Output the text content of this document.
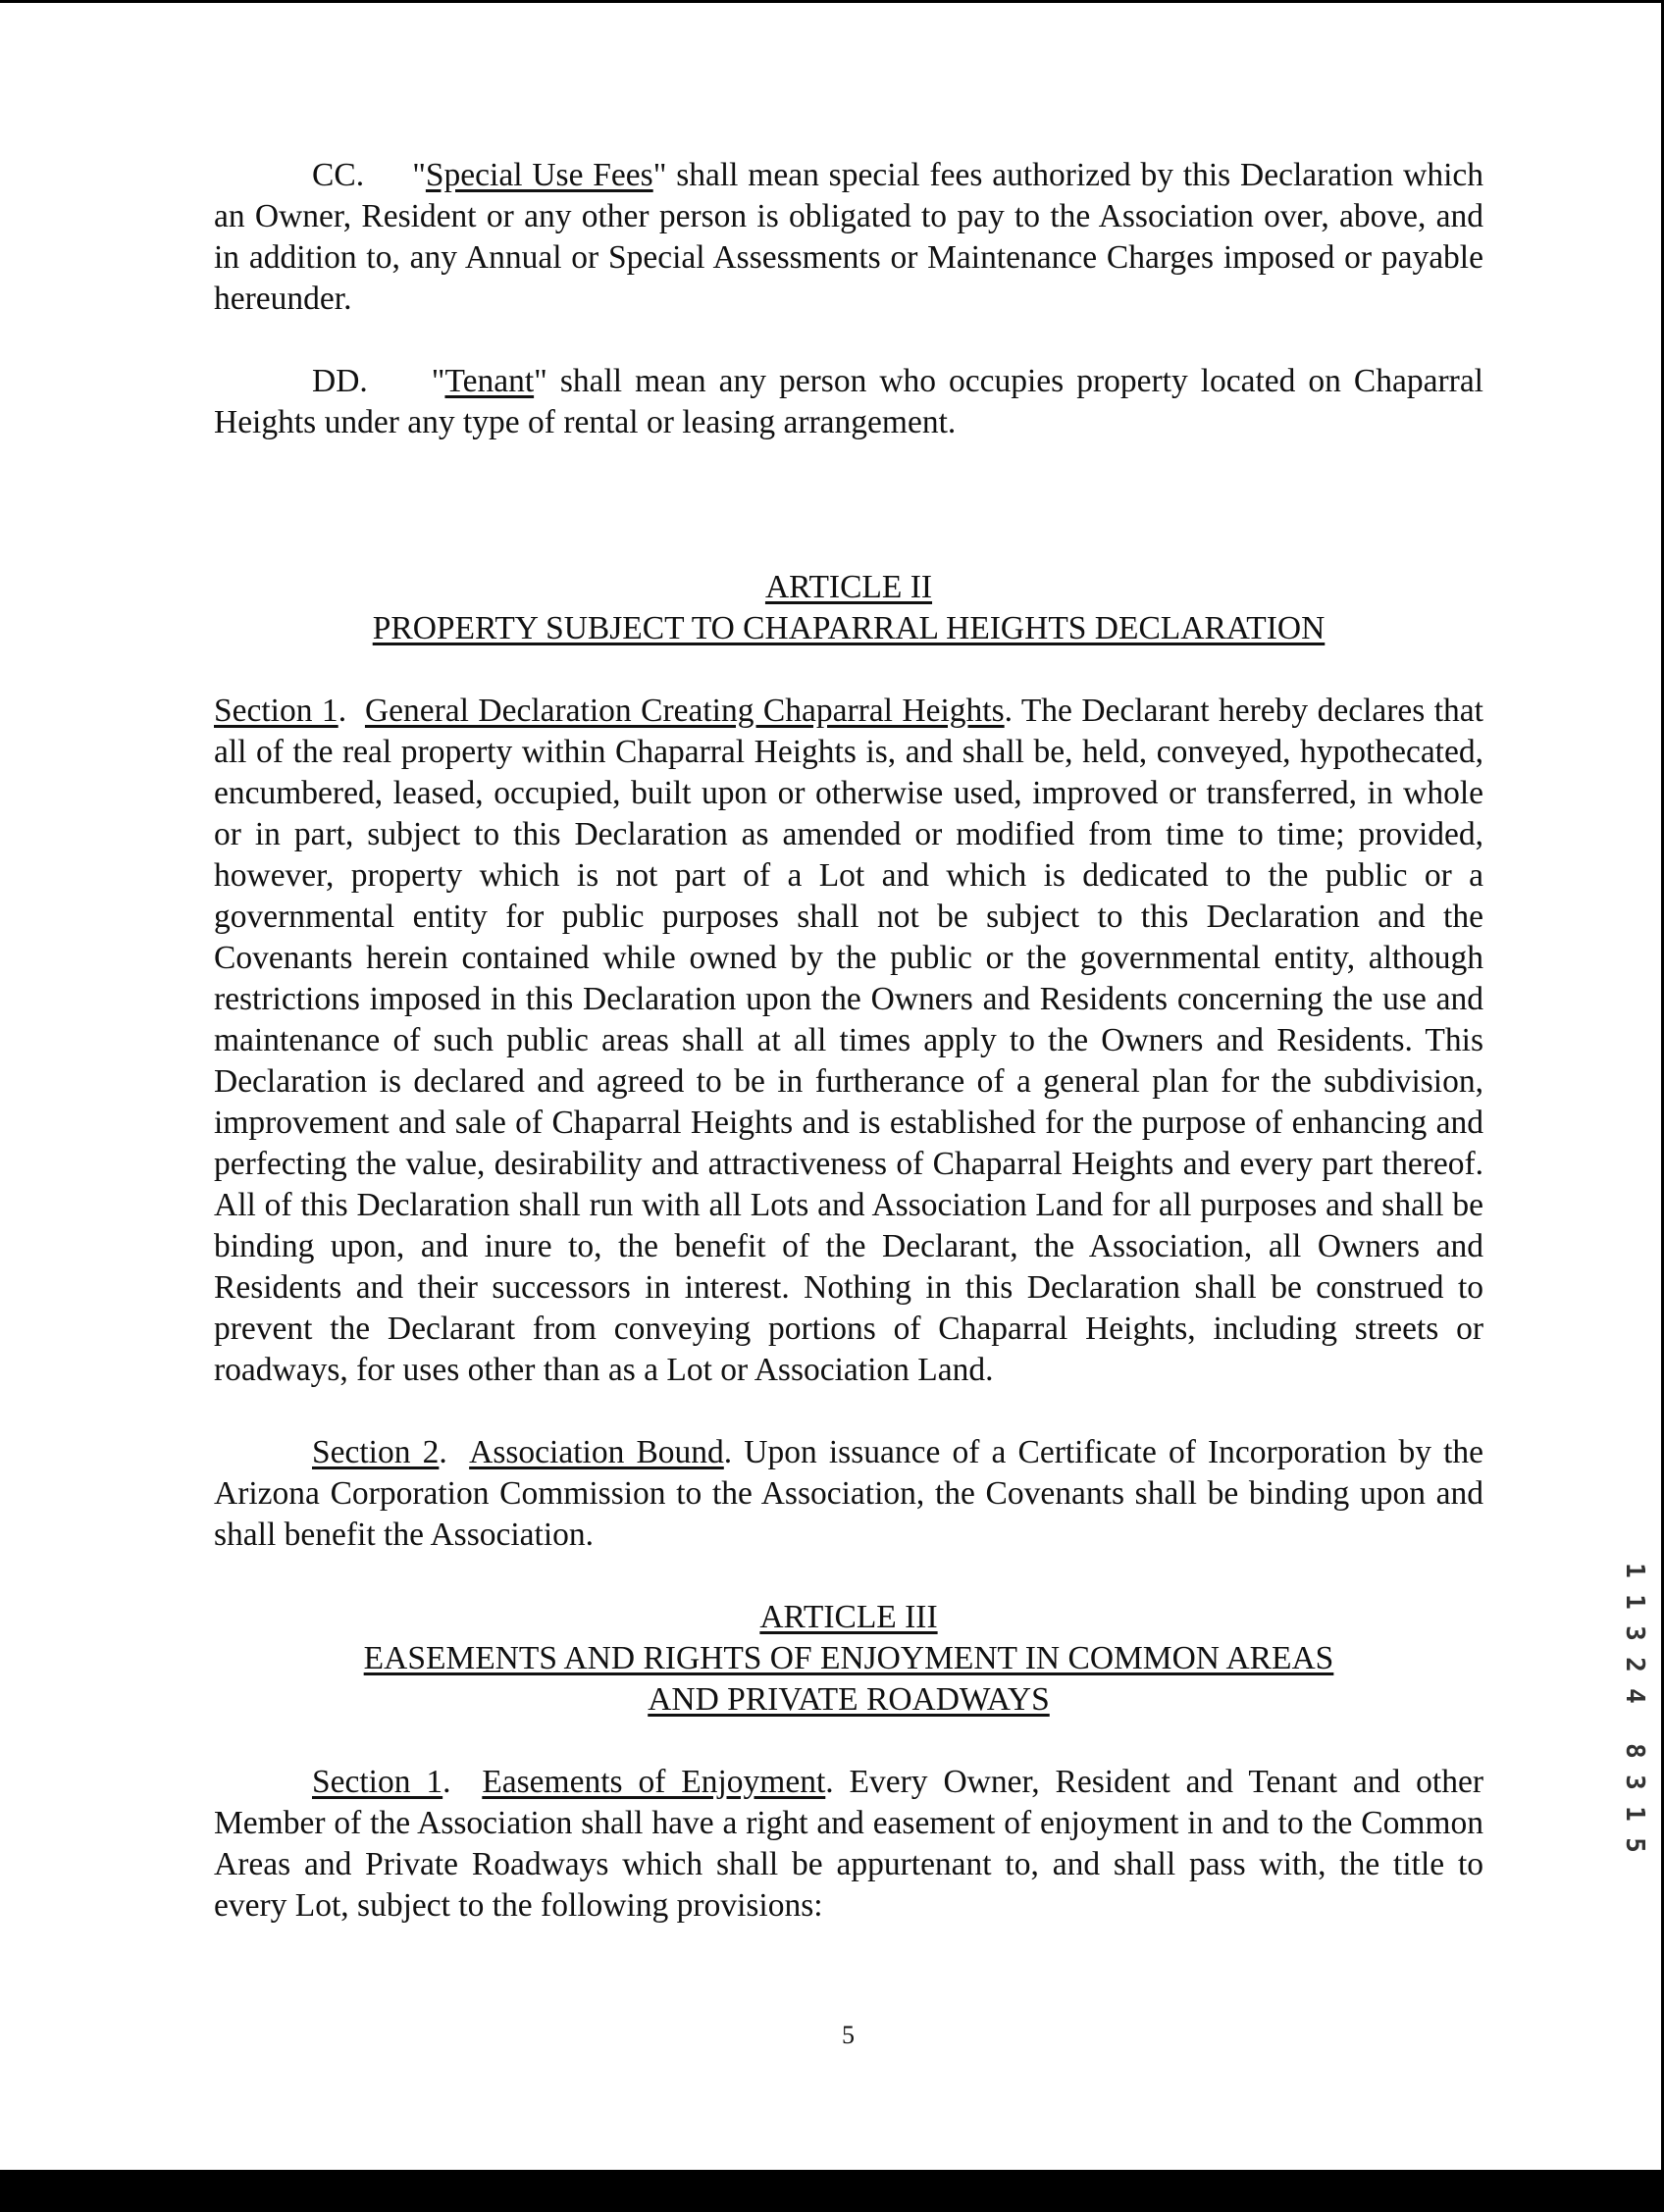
CC.     "Special Use Fees" shall mean special fees authorized by this Declaration which an Owner, Resident or any other person is obligated to pay to the Association over, above, and in addition to, any Annual or Special Assessments or Maintenance Charges imposed or payable hereunder.

DD.     "Tenant" shall mean any person who occupies property located on Chaparral Heights under any type of rental or leasing arrangement.

ARTICLE II
PROPERTY SUBJECT TO CHAPARRAL HEIGHTS DECLARATION

Section 1.  General Declaration Creating Chaparral Heights. The Declarant hereby declares that all of the real property within Chaparral Heights is, and shall be, held, conveyed, hypothecated, encumbered, leased, occupied, built upon or otherwise used, improved or transferred, in whole or in part, subject to this Declaration as amended or modified from time to time; provided, however, property which is not part of a Lot and which is dedicated to the public or a governmental entity for public purposes shall not be subject to this Declaration and the Covenants herein contained while owned by the public or the governmental entity, although restrictions imposed in this Declaration upon the Owners and Residents concerning the use and maintenance of such public areas shall at all times apply to the Owners and Residents. This Declaration is declared and agreed to be in furtherance of a general plan for the subdivision, improvement and sale of Chaparral Heights and is established for the purpose of enhancing and perfecting the value, desirability and attractiveness of Chaparral Heights and every part thereof. All of this Declaration shall run with all Lots and Association Land for all purposes and shall be binding upon, and inure to, the benefit of the Declarant, the Association, all Owners and Residents and their successors in interest. Nothing in this Declaration shall be construed to prevent the Declarant from conveying portions of Chaparral Heights, including streets or roadways, for uses other than as a Lot or Association Land.

Section 2.  Association Bound. Upon issuance of a Certificate of Incorporation by the Arizona Corporation Commission to the Association, the Covenants shall be binding upon and shall benefit the Association.

ARTICLE III
EASEMENTS AND RIGHTS OF ENJOYMENT IN COMMON AREAS
AND PRIVATE ROADWAYS

Section 1.  Easements of Enjoyment. Every Owner, Resident and Tenant and other Member of the Association shall have a right and easement of enjoyment in and to the Common Areas and Private Roadways which shall be appurtenant to, and shall pass with, the title to every Lot, subject to the following provisions:

5
1
1
3
2
4
8
3
1
5
